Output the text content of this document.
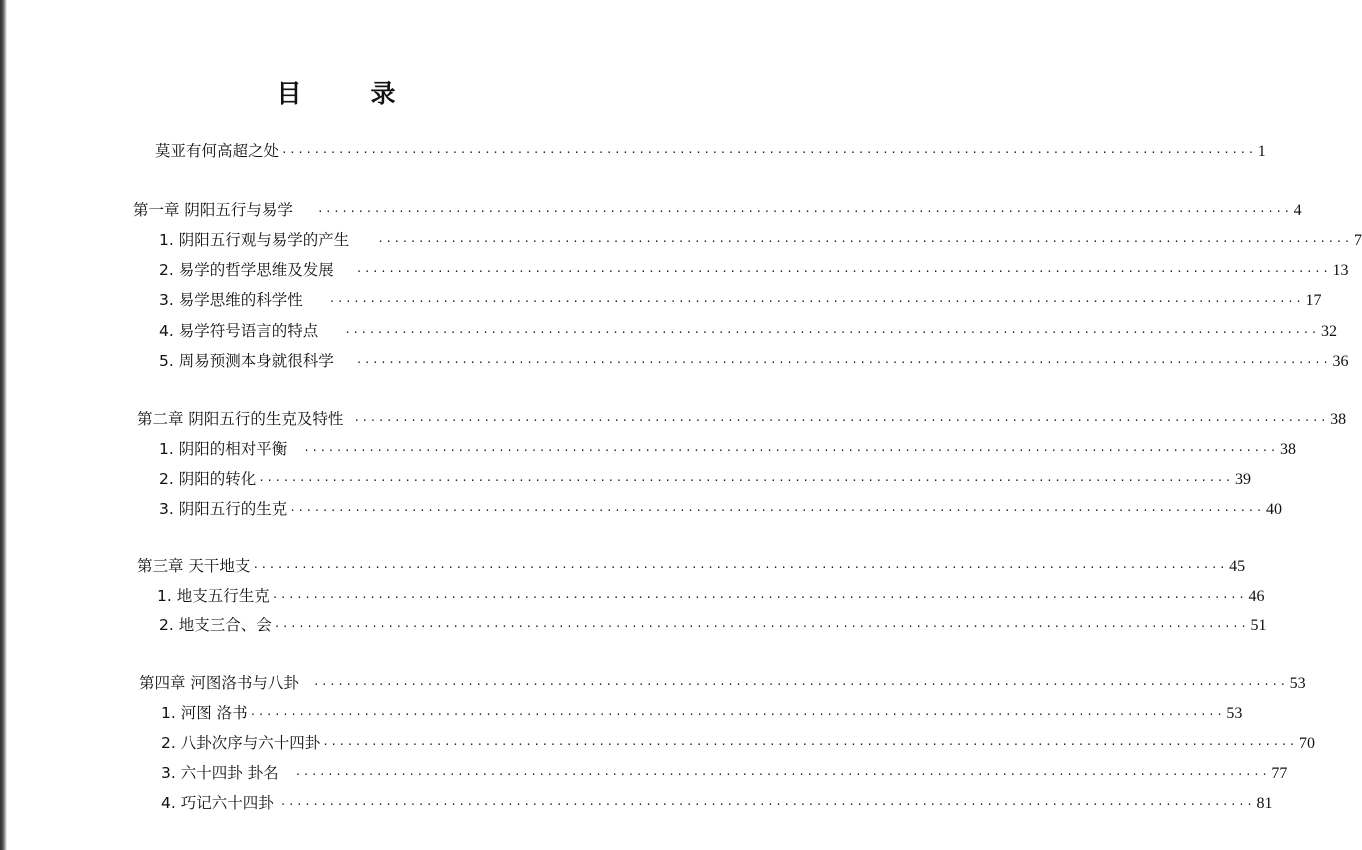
目　录
莫亚有何高超之处 ························································································································ 1
第一章 阴阳五行与易学 ························································································································ 4
1. 阴阳五行观与易学的产生	························································································································ 7
2. 易学的哲学思维及发展 ························································································································ 13
3. 易学思维的科学性 ························································································································ 17
4. 易学符号语言的特点 ························································································································ 32
5. 周易预测本身就很科学 ························································································································ 36
第二章 阴阳五行的生克及特性 ························································································································ 38
1. 阴阳的相对平衡 ························································································································ 38
2. 阴阳的转化 ························································································································ 39
3. 阴阳五行的生克 ························································································································ 40
第三章 天干地支 ························································································································ 45
1. 地支五行生克 ························································································································ 46
2. 地支三合、会 ························································································································ 51
第四章 河图洛书与八卦 ························································································································ 53
1. 河图 洛书 ························································································································ 53
2. 八卦次序与六十四卦 ························································································································ 70
3. 六十四卦 卦名 ························································································································ 77
4. 巧记六十四卦 ························································································································ 81
